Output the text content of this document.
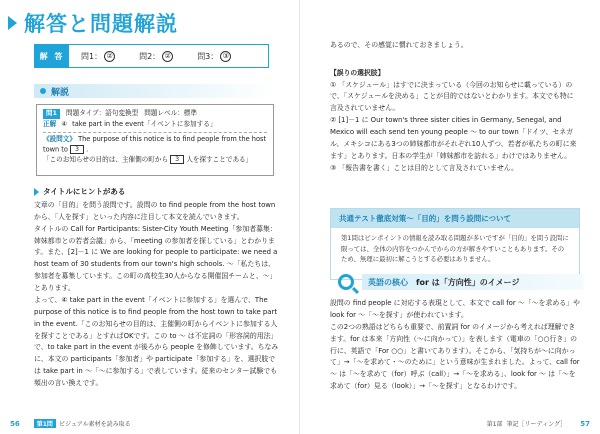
解答と問題解説
解 答	問1： ②	問2： ②	問3： ③
解説
問1	問題タイプ：語句変換型 問題レベル：標準
正解 ④ take part in the event「イベントに参加する」
《設問文》 The purpose of this notice is to find people from the host town to 3 .
「このお知らせの目的は、主催側の町から 3 人を探すことである」
タイトルにヒントがある

文章の「目的」を問う設問です。設問の to find people from the host town から、「人を探す」といった内容に注目して本文を読んでいきます。

タイトルの Call for Participants: Sister-City Youth Meeting「参加者募集：姉妹都市との若者会議」から、「meeting の参加者を探している」とわかります。また、[2]－1 に We are looking for people to participate: we need a host team of 30 students from our town's high schools. ～「私たちは、参加者を募集しています。この町の高校生30人からなる開催国チームと、～」とあります。

よって、④ take part in the event「イベントに参加する」を選んで、The purpose of this notice is to find people from the host town to take part in the event.「このお知らせの目的は、主催側の町からイベントに参加する人を探すことである」とすればOKです。この to ～ は不定詞の「形容詞的用法」で、to take part in the event が後ろから people を修飾しています。ちなみに、本文の participants「参加者」や participate「参加する」を、選択肢では take part in ～「～に参加する」で表しています。従来のセンター試験でも頻出の言い換えです。

56	第1問	ビジュアル素材を読み取る

あるので、その感覚に慣れておきましょう。

【誤りの選択肢】

① 「スケジュール」はすでに決まっている（今回のお知らせに載っている）ので、「スケジュールを決める」ことが目的ではないとわかります。本文でも特に言及されていません。

② [1]－1 に Our town's three sister cities in Germany, Senegal, and Mexico will each send ten young people ～ to our town「ドイツ、セネガル、メキシコにある3つの姉妹都市がそれぞれ10人ずつ、若者が私たちの町に来ます」とあります。日本の学生が「姉妹都市を訪れる」わけではありません。

③ 「報告書を書く」ことは目的として言及されていません。

第1部 筆記［リーディング］ 57
共通テスト徹底対策～「目的」を問う設問について
第1問はピンポイントの情報を読み取る問題が多いですが「目的」を問う設問に限っては、全体の内容をつかんでからの方が解きやすいこともあります。そのため、無理に最初に解こうとする必要はありません。
英語の核心 for は「方向性」のイメージ

設問の find people に対応する表現として、本文で call for ～「～を求める」や look for ～「～を探す」が使われています。

この2つの熟語はどちらも重要で、前置詞 for のイメージから考えれば理解できます。for は本来「方向性（～に向かって）」を表します（電車の「○○行き」の行に、英語で「For ○○」と書いてあります）。そこから、「気持ちが～に向かって」→「～を求めて・～のために」という意味が生まれました。よって、call for ～ は「～を求めて（for）呼ぶ（call）」→「～を求める」、look for ～ は「～を求めて（for）見る（look）」→「～を探す」となるわけです。
